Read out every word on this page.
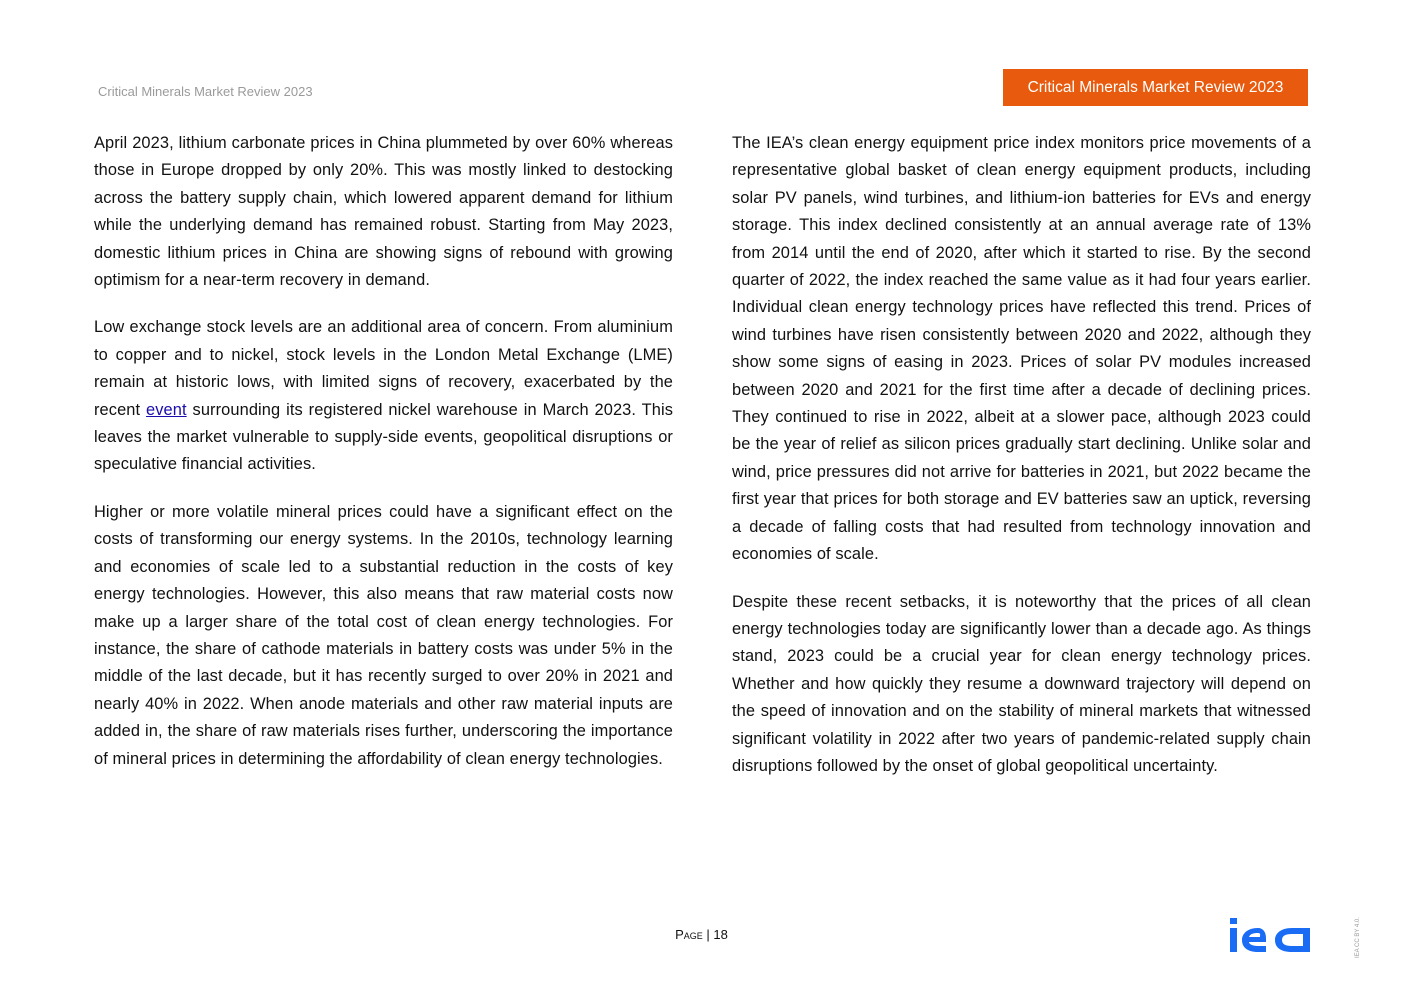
Critical Minerals Market Review 2023	Critical Minerals Market Review 2023

April 2023, lithium carbonate prices in China plummeted by over 60% whereas those in Europe dropped by only 20%. This was mostly linked to destocking across the battery supply chain, which lowered apparent demand for lithium while the underlying demand has remained robust. Starting from May 2023, domestic lithium prices in China are showing signs of rebound with growing optimism for a near-term recovery in demand.

Low exchange stock levels are an additional area of concern. From aluminium to copper and to nickel, stock levels in the London Metal Exchange (LME) remain at historic lows, with limited signs of recovery, exacerbated by the recent event surrounding its registered nickel warehouse in March 2023. This leaves the market vulnerable to supply-side events, geopolitical disruptions or speculative financial activities.

Higher or more volatile mineral prices could have a significant effect on the costs of transforming our energy systems. In the 2010s, technology learning and economies of scale led to a substantial reduction in the costs of key energy technologies. However, this also means that raw material costs now make up a larger share of the total cost of clean energy technologies. For instance, the share of cathode materials in battery costs was under 5% in the middle of the last decade, but it has recently surged to over 20% in 2021 and nearly 40% in 2022. When anode materials and other raw material inputs are added in, the share of raw materials rises further, underscoring the importance of mineral prices in determining the affordability of clean energy technologies.

The IEA’s clean energy equipment price index monitors price movements of a representative global basket of clean energy equipment products, including solar PV panels, wind turbines, and lithium-ion batteries for EVs and energy storage. This index declined consistently at an annual average rate of 13% from 2014 until the end of 2020, after which it started to rise. By the second quarter of 2022, the index reached the same value as it had four years earlier. Individual clean energy technology prices have reflected this trend. Prices of wind turbines have risen consistently between 2020 and 2022, although they show some signs of easing in 2023. Prices of solar PV modules increased between 2020 and 2021 for the first time after a decade of declining prices. They continued to rise in 2022, albeit at a slower pace, although 2023 could be the year of relief as silicon prices gradually start declining. Unlike solar and wind, price pressures did not arrive for batteries in 2021, but 2022 became the first year that prices for both storage and EV batteries saw an uptick, reversing a decade of falling costs that had resulted from technology innovation and economies of scale.

Despite these recent setbacks, it is noteworthy that the prices of all clean energy technologies today are significantly lower than a decade ago. As things stand, 2023 could be a crucial year for clean energy technology prices. Whether and how quickly they resume a downward trajectory will depend on the speed of innovation and on the stability of mineral markets that witnessed significant volatility in 2022 after two years of pandemic-related supply chain disruptions followed by the onset of global geopolitical uncertainty.

Page | 18	IEA CC BY 4.0.
